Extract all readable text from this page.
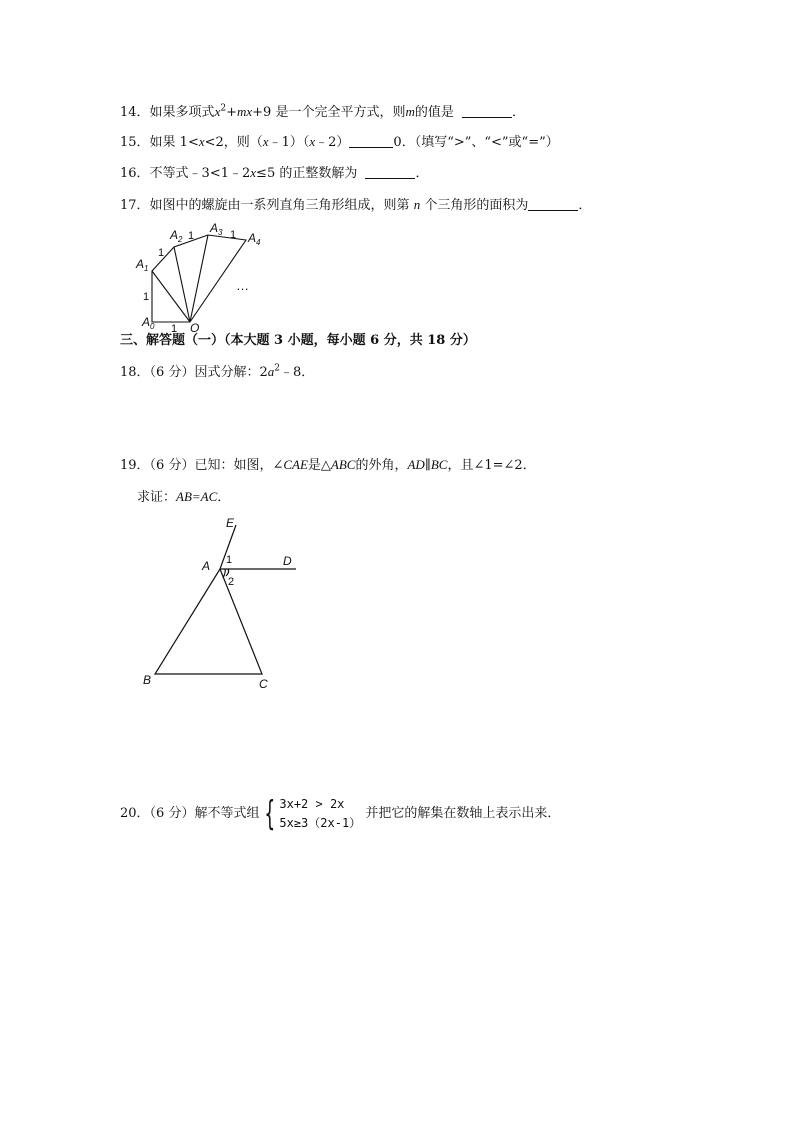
14．如果多项式$x^2+mx+9$ 是一个完全平方式，则m的值是	．
15．如果 1<x<2，则（x﹣1）（x﹣2）	0．（填写“>”、“<”或“=”）
16．不等式﹣3<1﹣2x≤5 的正整数解为	．
17．如图中的螺旋由一系列直角三角形组成，则第 n 个三角形的面积为	．
A 0
A 1
A 2
A 3 A 4
O
1
1
1
1	1
…
三、解答题（一）（本大题 3 小题，每小题 6 分，共 18 分）
18．（6 分）因式分解：$2a^2﹣8$．
19．（6 分）已知：如图，∠CAE是△ABC的外角，AD∥BC，且∠1=∠2．
求证：AB=AC．
E
A	D
B	C
1
2
20．（6 分）解不等式组 { 3x+2 > 2x
5x≥3（2x-1）
并把它的解集在数轴上表示出来．
